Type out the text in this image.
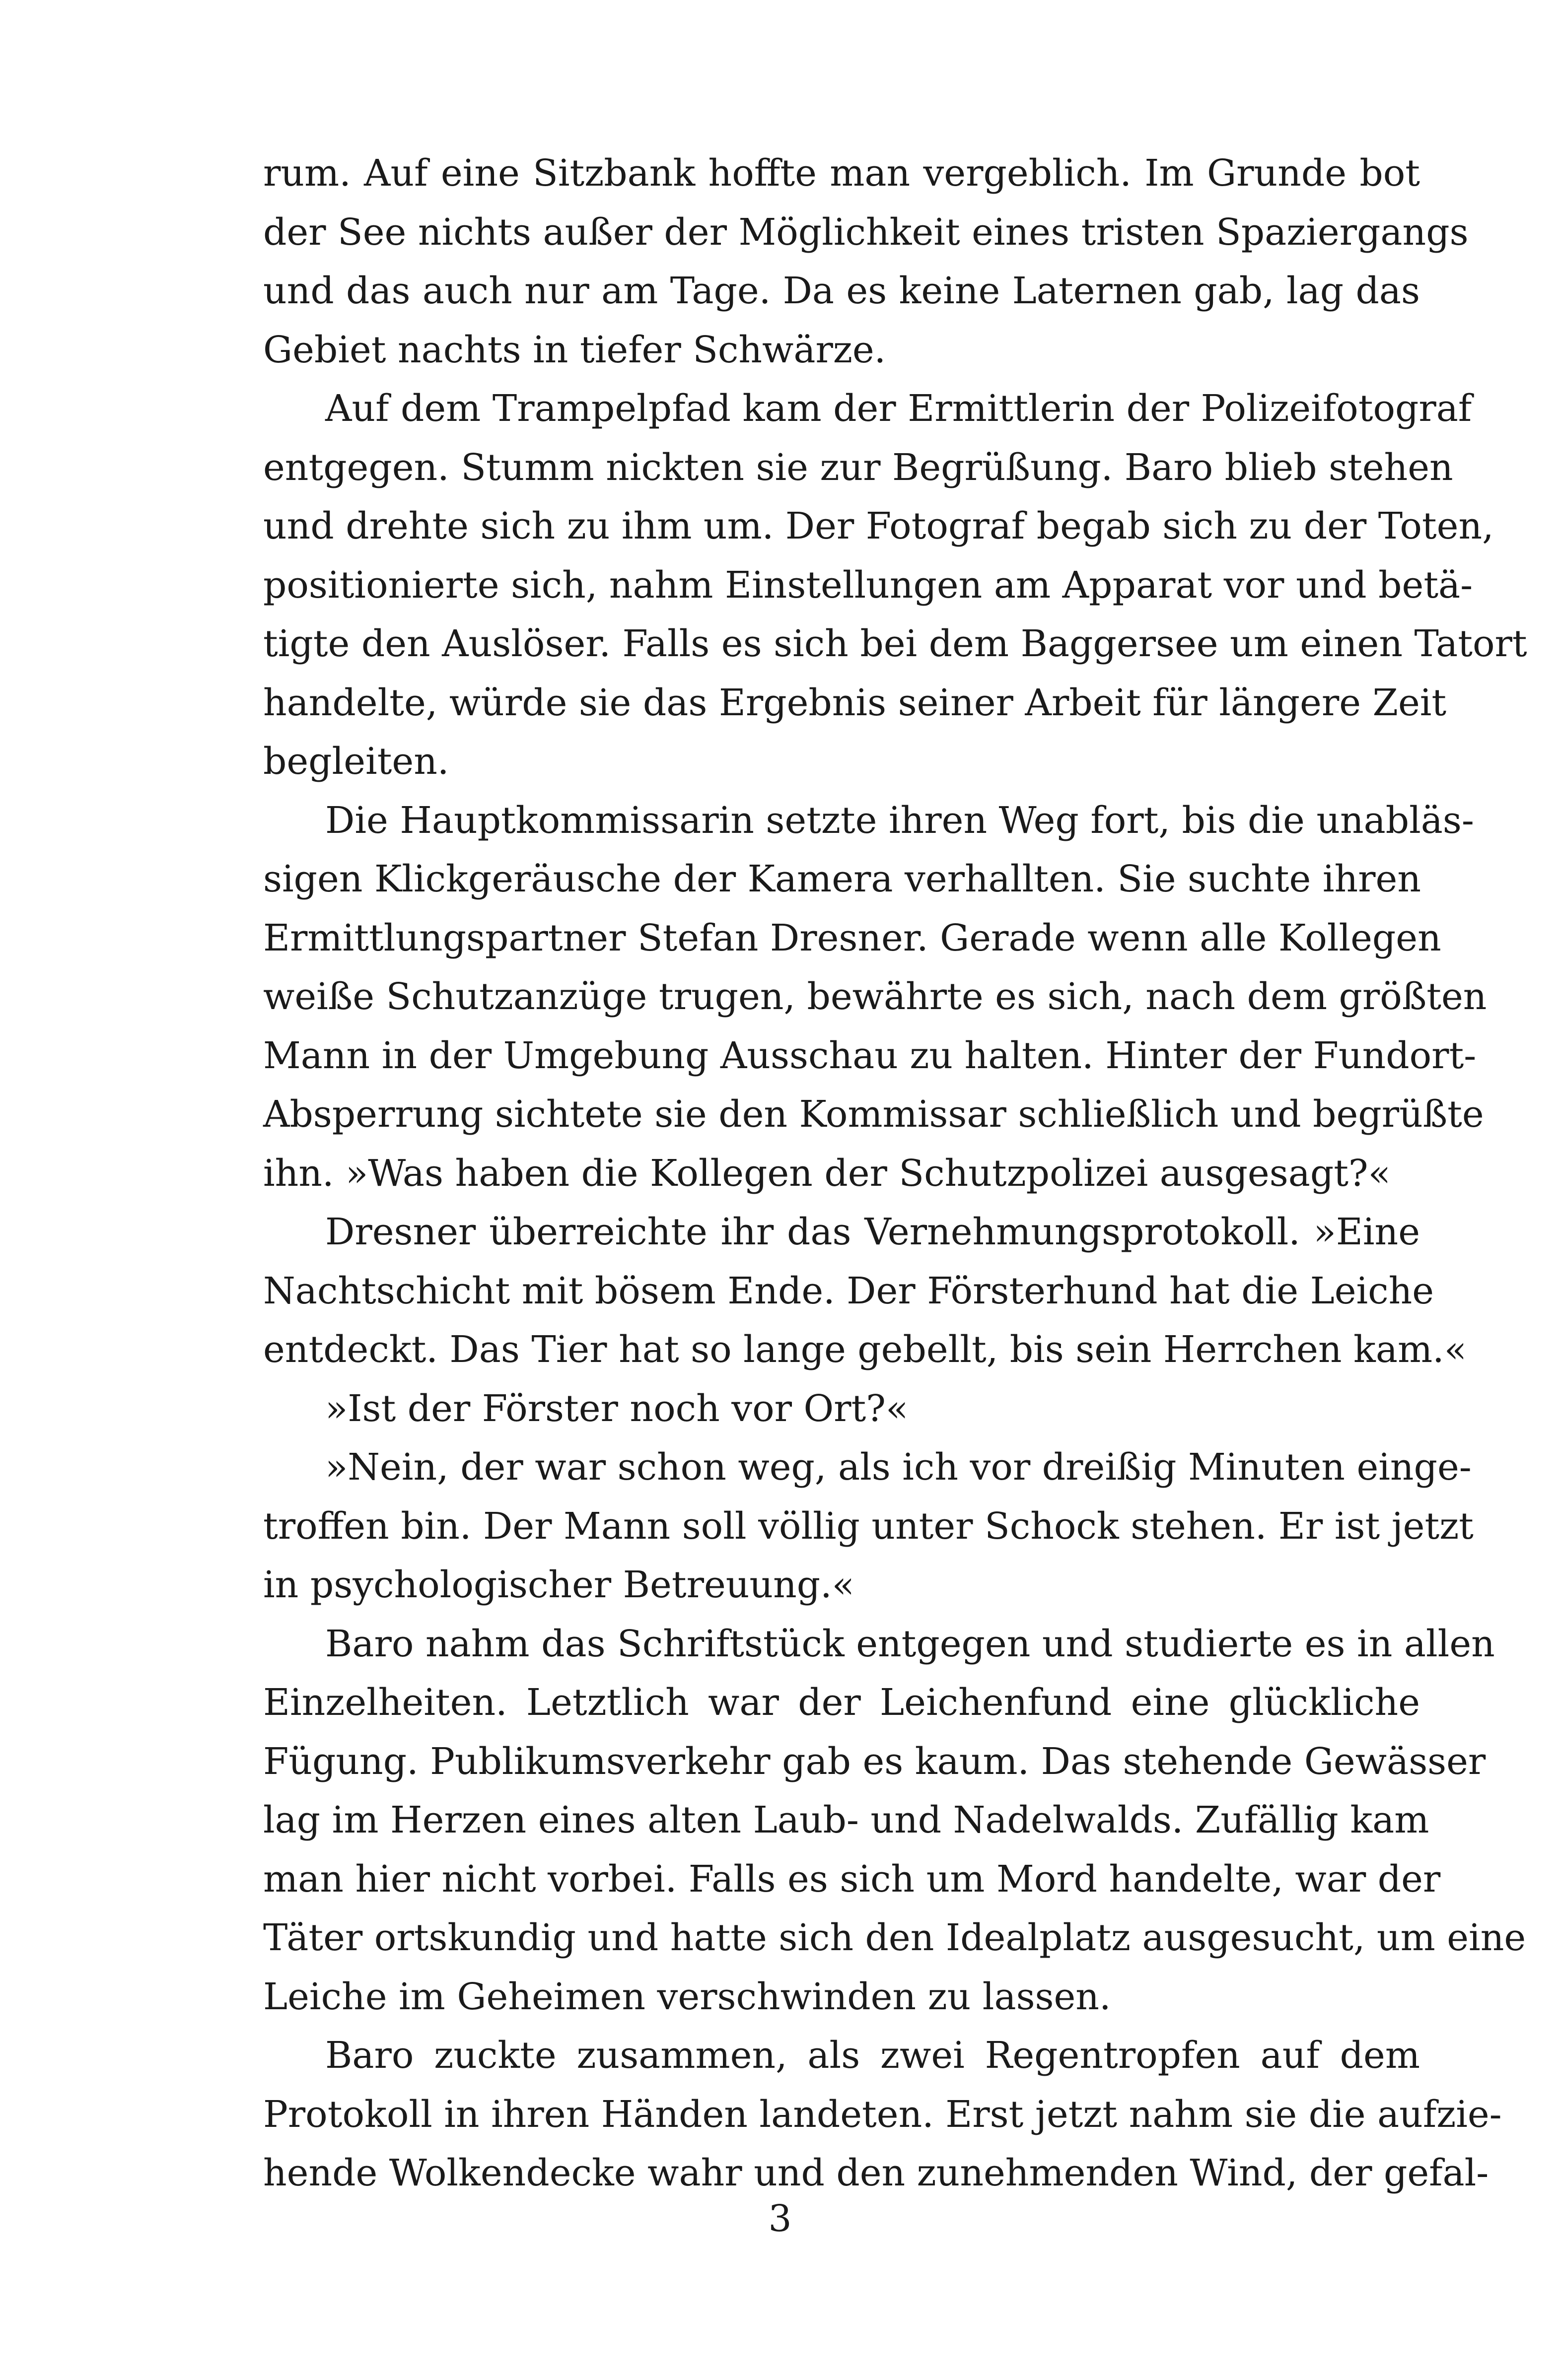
rum. Auf eine Sitzbank hoffte man vergeblich. Im Grunde bot
der See nichts außer der Möglichkeit eines tristen Spaziergangs
und das auch nur am Tage. Da es keine Laternen gab, lag das
Gebiet nachts in tiefer Schwärze.
Auf dem Trampelpfad kam der Ermittlerin der Polizeifotograf
entgegen. Stumm nickten sie zur Begrüßung. Baro blieb stehen
und drehte sich zu ihm um. Der Fotograf begab sich zu der Toten,
positionierte sich, nahm Einstellungen am Apparat vor und betä-
tigte den Auslöser. Falls es sich bei dem Baggersee um einen Tatort
handelte, würde sie das Ergebnis seiner Arbeit für längere Zeit
begleiten.
Die Hauptkommissarin setzte ihren Weg fort, bis die unabläs-
sigen Klickgeräusche der Kamera verhallten. Sie suchte ihren
Ermittlungspartner Stefan Dresner. Gerade wenn alle Kollegen
weiße Schutzanzüge trugen, bewährte es sich, nach dem größten
Mann in der Umgebung Ausschau zu halten. Hinter der Fundort-
Absperrung sichtete sie den Kommissar schließlich und begrüßte
ihn. »Was haben die Kollegen der Schutzpolizei ausgesagt?«
Dresner überreichte ihr das Vernehmungsprotokoll. »Eine
Nachtschicht mit bösem Ende. Der Försterhund hat die Leiche
entdeckt. Das Tier hat so lange gebellt, bis sein Herrchen kam.«
»Ist der Förster noch vor Ort?«
»Nein, der war schon weg, als ich vor dreißig Minuten einge-
troffen bin. Der Mann soll völlig unter Schock stehen. Er ist jetzt
in psychologischer Betreuung.«
Baro nahm das Schriftstück entgegen und studierte es in allen
Einzelheiten. Letztlich war der Leichenfund eine glückliche
Fügung. Publikumsverkehr gab es kaum. Das stehende Gewässer
lag im Herzen eines alten Laub- und Nadelwalds. Zufällig kam
man hier nicht vorbei. Falls es sich um Mord handelte, war der
Täter ortskundig und hatte sich den Idealplatz ausgesucht, um eine
Leiche im Geheimen verschwinden zu lassen.
Baro zuckte zusammen, als zwei Regentropfen auf dem
Protokoll in ihren Händen landeten. Erst jetzt nahm sie die aufzie-
hende Wolkendecke wahr und den zunehmenden Wind, der gefal-
3
